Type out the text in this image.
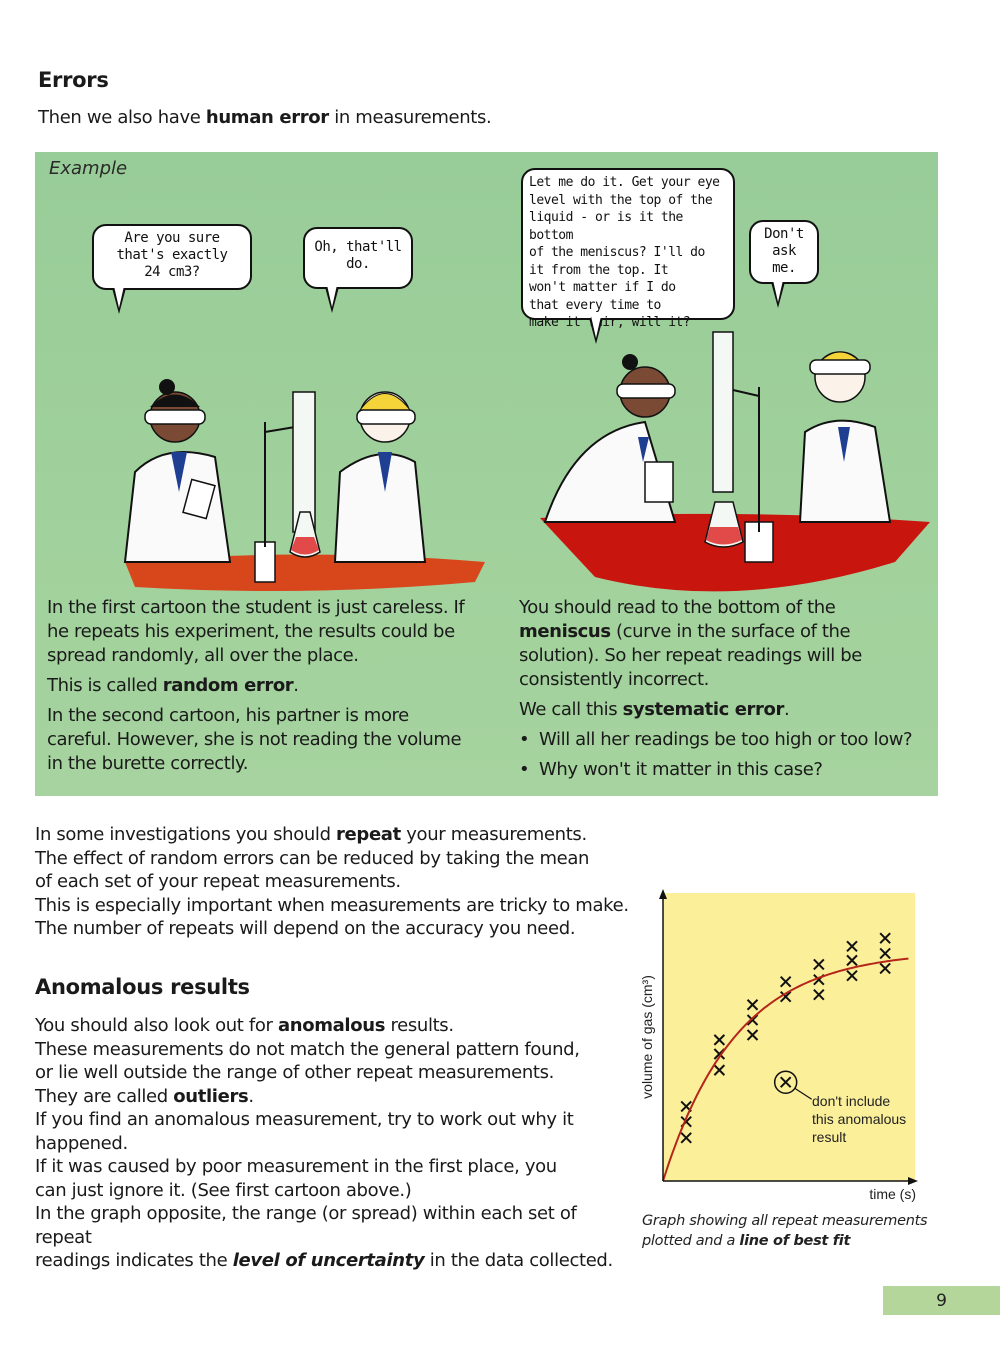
Errors
Then we also have human error in measurements.
Example
Are you sure
that's exactly
24 cm3?
Oh, that'll
do.
Let me do it. Get your eye
level with the top of the
liquid - or is it the bottom
of the meniscus? I'll do
it from the top. It
won't matter if I do
that every time to
make it fair, will it?
Don't
ask
me.

In the first cartoon the student is just careless. If he repeats his experiment, the results could be spread randomly, all over the place.

This is called random error.

In the second cartoon, his partner is more careful. However, she is not reading the volume in the burette correctly.

You should read to the bottom of the meniscus (curve in the surface of the solution). So her repeat readings will be consistently incorrect.

We call this systematic error.

• Will all her readings be too high or too low?
• Why won't it matter in this case?
In some investigations you should repeat your measurements.
The effect of random errors can be reduced by taking the mean
of each set of your repeat measurements.
This is especially important when measurements are tricky to make.
The number of repeats will depend on the accuracy you need.
Anomalous results
You should also look out for anomalous results.
These measurements do not match the general pattern found,
or lie well outside the range of other repeat measurements.
They are called outliers.
If you find an anomalous measurement, try to work out why it
happened.
If it was caused by poor measurement in the first place, you
can just ignore it. (See first cartoon above.)
In the graph opposite, the range (or spread) within each set of repeat
readings indicates the level of uncertainty in the data collected.
volume of gas (cm³)
time (s)
don't include
this anomalous
result
Graph showing all repeat measurements plotted and a line of best fit
9
